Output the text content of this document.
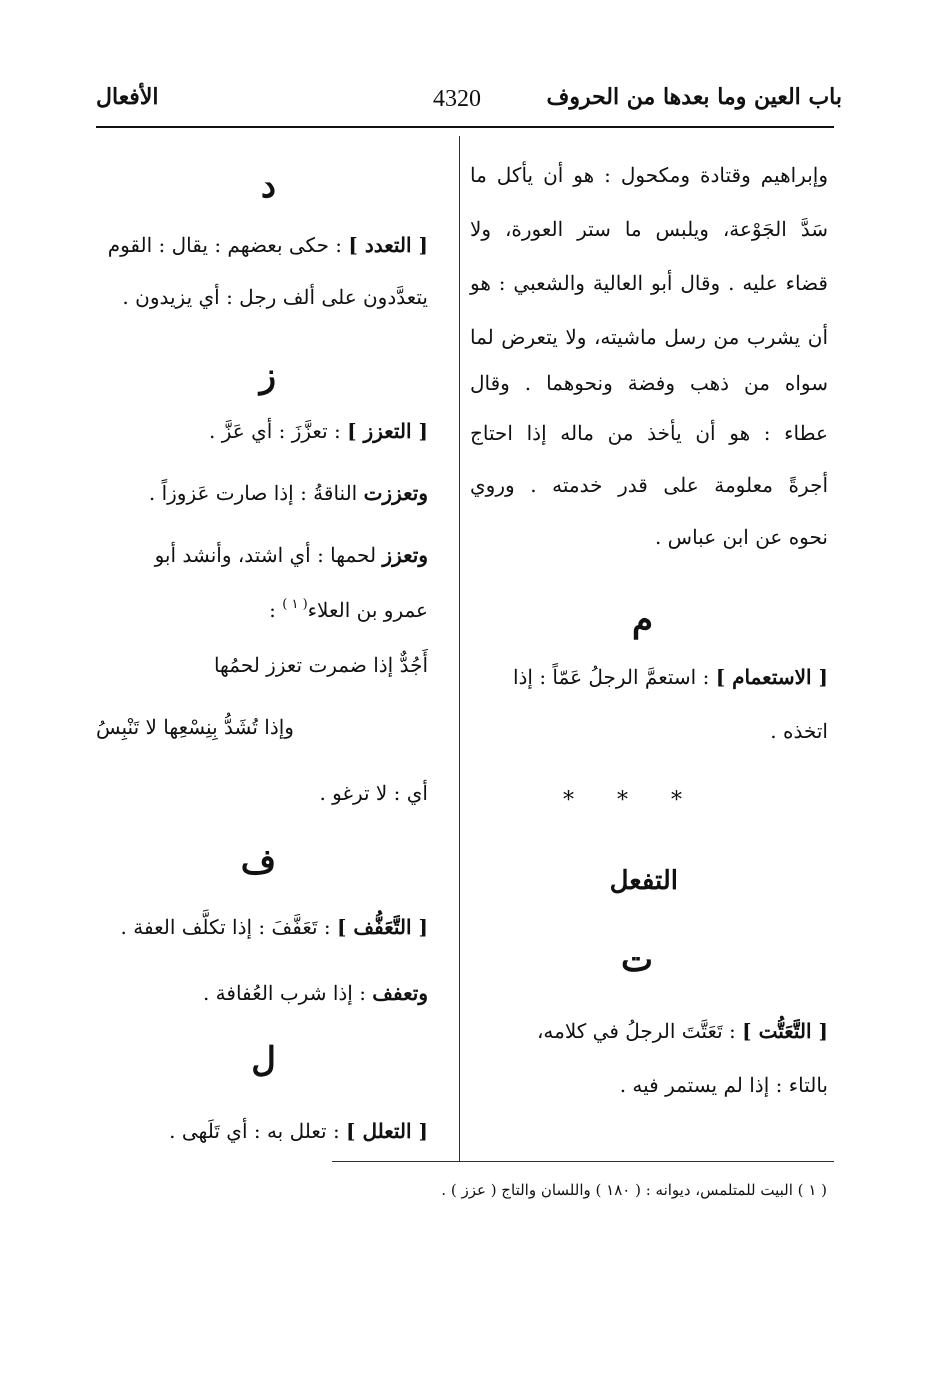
باب العين وما بعدها من الحروف
4320
الأفعال
وإبراهيم وقتادة ومكحول : هو أن يأكل ما
سَدَّ الجَوْعة، ويلبس ما ستر العورة، ولا
قضاء عليه . وقال أبو العالية والشعبي : هو
أن يشرب من رسل ماشيته، ولا يتعرض لما
سواه من ذهب وفضة ونحوهما . وقال
عطاء : هو أن يأخذ من ماله إذا احتاج
أجرةً معلومة على قدر خدمته . وروي
نحوه عن ابن عباس .
م
[ الاستعمام ] : استعمَّ الرجلُ عَمّاً : إذا
اتخذه .
* * *
التفعل
ت
[ التَّعَتُّت ] : تَعَتَّتَ الرجلُ في كلامه،
بالتاء : إذا لم يستمر فيه .
د
[ التعدد ] : حكى بعضهم : يقال : القوم
يتعدَّدون على ألف رجل : أي يزيدون .
ز
[ التعزز ] : تعزَّزَ : أي عَزَّ .
وتعززت الناقةُ : إذا صارت عَزوزاً .
وتعزز لحمها : أي اشتد، وأنشد أبو
عمرو بن العلاء$^{( ١ )}$ :
أَجُدٌّ إذا ضمرت تعزز لحمُها
وإذا تُشَدُّ بِنِسْعِها لا تَنْبِسُ
أي : لا ترغو .
ف
[ التَّعَفُّف ] : تَعَفَّفَ : إذا تكلَّف العفة .
وتعفف : إذا شرب العُفافة .
ل
[ التعلل ] : تعلل به : أي تَلَهى .
( ١ ) البيت للمتلمس، ديوانه : ( ١٨٠ ) واللسان والتاج ( عزز ) .
